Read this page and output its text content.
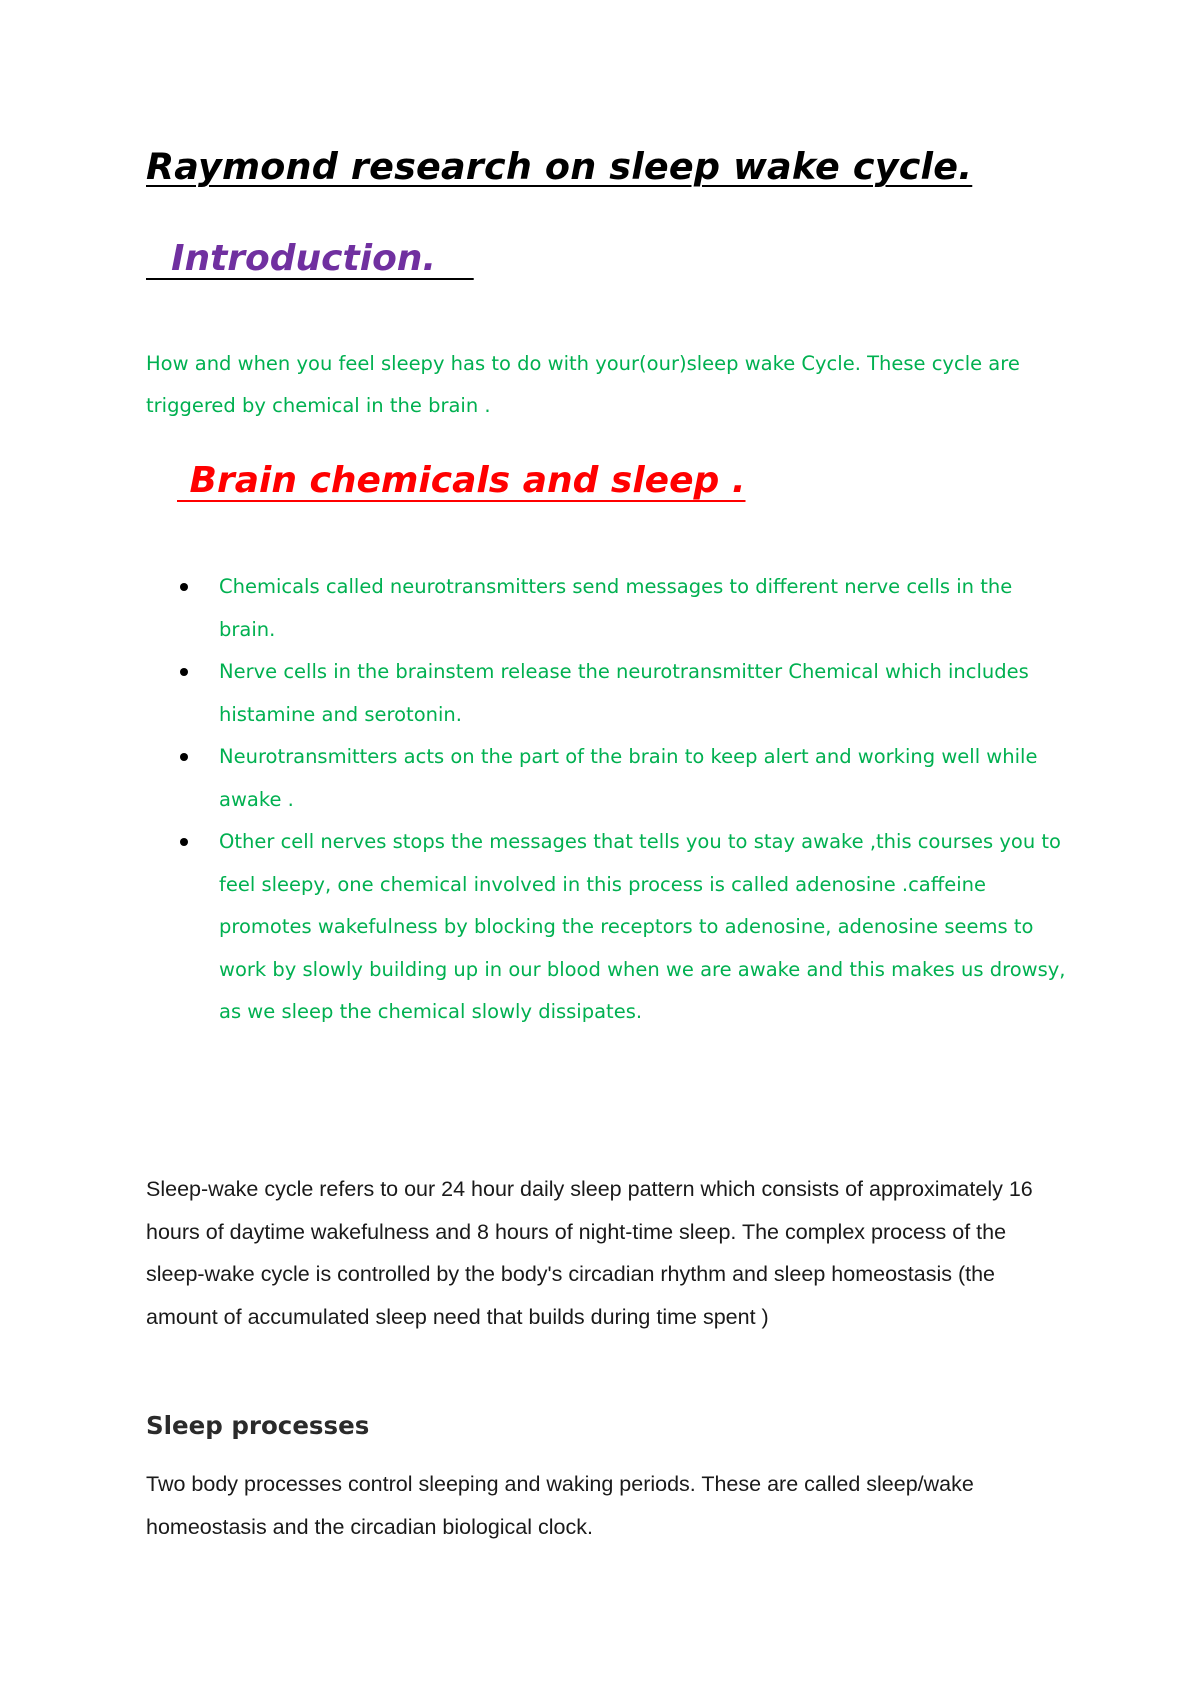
Raymond research on sleep wake cycle.
Introduction.

How and when you feel sleepy has to do with your(our)sleep wake Cycle. These cycle are triggered by chemical in the brain .

Brain chemicals and sleep .
Chemicals called neurotransmitters send messages to different nerve cells in the brain.
Nerve cells in the brainstem release the neurotransmitter Chemical which includes histamine and serotonin.
Neurotransmitters acts on the part of the brain to keep alert and working well while awake .
Other cell nerves stops the messages that tells you to stay awake ,this courses you to feel sleepy, one chemical involved in this process is called adenosine .caffeine promotes wakefulness by blocking the receptors to adenosine, adenosine seems to work by slowly building up in our blood when we are awake and this makes us drowsy, as we sleep the chemical slowly dissipates.

Sleep-wake cycle refers to our 24 hour daily sleep pattern which consists of approximately 16 hours of daytime wakefulness and 8 hours of night-time sleep. The complex process of the sleep-wake cycle is controlled by the body's circadian rhythm and sleep homeostasis (the amount of accumulated sleep need that builds during time spent )

Sleep processes

Two body processes control sleeping and waking periods. These are called sleep/wake homeostasis and the circadian biological clock.
